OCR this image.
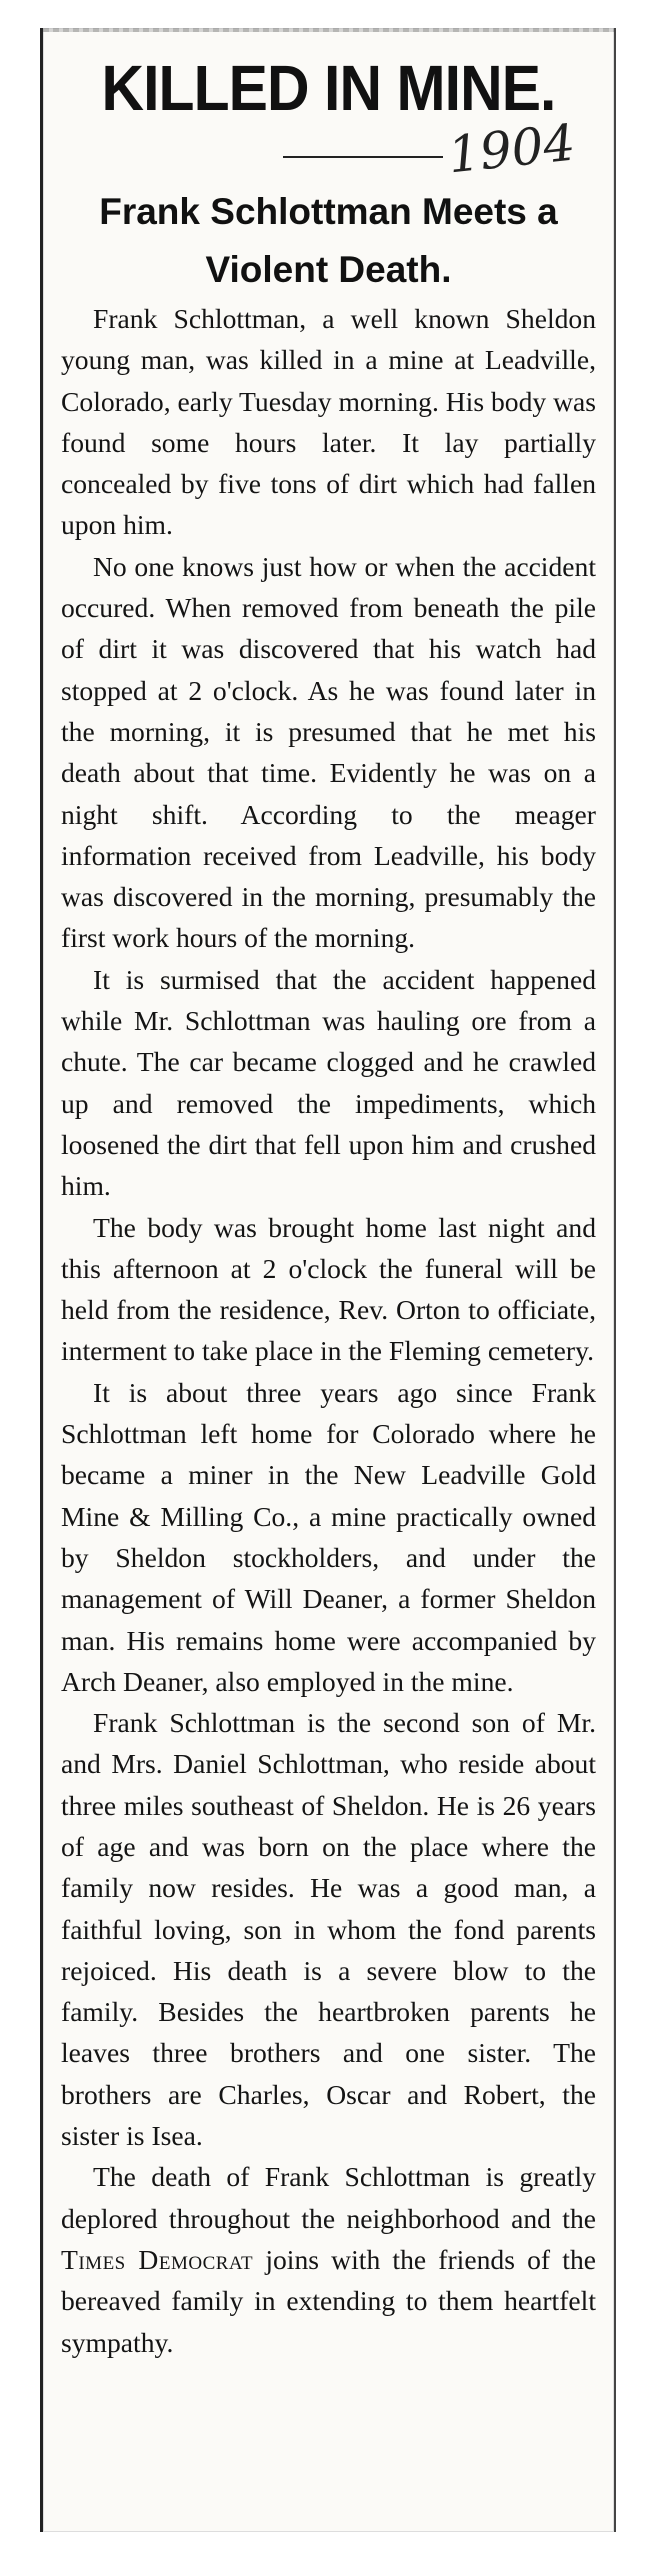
KILLED IN MINE.
1904
Frank Schlottman Meets a Violent Death.

Frank Schlottman, a well known Sheldon young man, was killed in a mine at Leadville, Colorado, early Tuesday morning. His body was found some hours later. It lay partially concealed by five tons of dirt which had fallen upon him.

No one knows just how or when the accident occured. When removed from beneath the pile of dirt it was discovered that his watch had stopped at 2 o'clock. As he was found later in the morning, it is presumed that he met his death about that time. Evidently he was on a night shift. According to the meager information received from Leadville, his body was discovered in the morning, presumably the first work hours of the morning.

It is surmised that the accident happened while Mr. Schlottman was hauling ore from a chute. The car became clogged and he crawled up and removed the impediments, which loosened the dirt that fell upon him and crushed him.

The body was brought home last night and this afternoon at 2 o'clock the funeral will be held from the residence, Rev. Orton to officiate, interment to take place in the Fleming cemetery.

It is about three years ago since Frank Schlottman left home for Colorado where he became a miner in the New Leadville Gold Mine & Milling Co., a mine practically owned by Sheldon stockholders, and under the management of Will Deaner, a former Sheldon man. His remains home were accompanied by Arch Deaner, also employed in the mine.

Frank Schlottman is the second son of Mr. and Mrs. Daniel Schlottman, who reside about three miles southeast of Sheldon. He is 26 years of age and was born on the place where the family now resides. He was a good man, a faithful loving, son in whom the fond parents rejoiced. His death is a severe blow to the family. Besides the heartbroken parents he leaves three brothers and one sister. The brothers are Charles, Oscar and Robert, the sister is Isea.

The death of Frank Schlottman is greatly deplored throughout the neighborhood and the Times Democrat joins with the friends of the bereaved family in extending to them heartfelt sympathy.
